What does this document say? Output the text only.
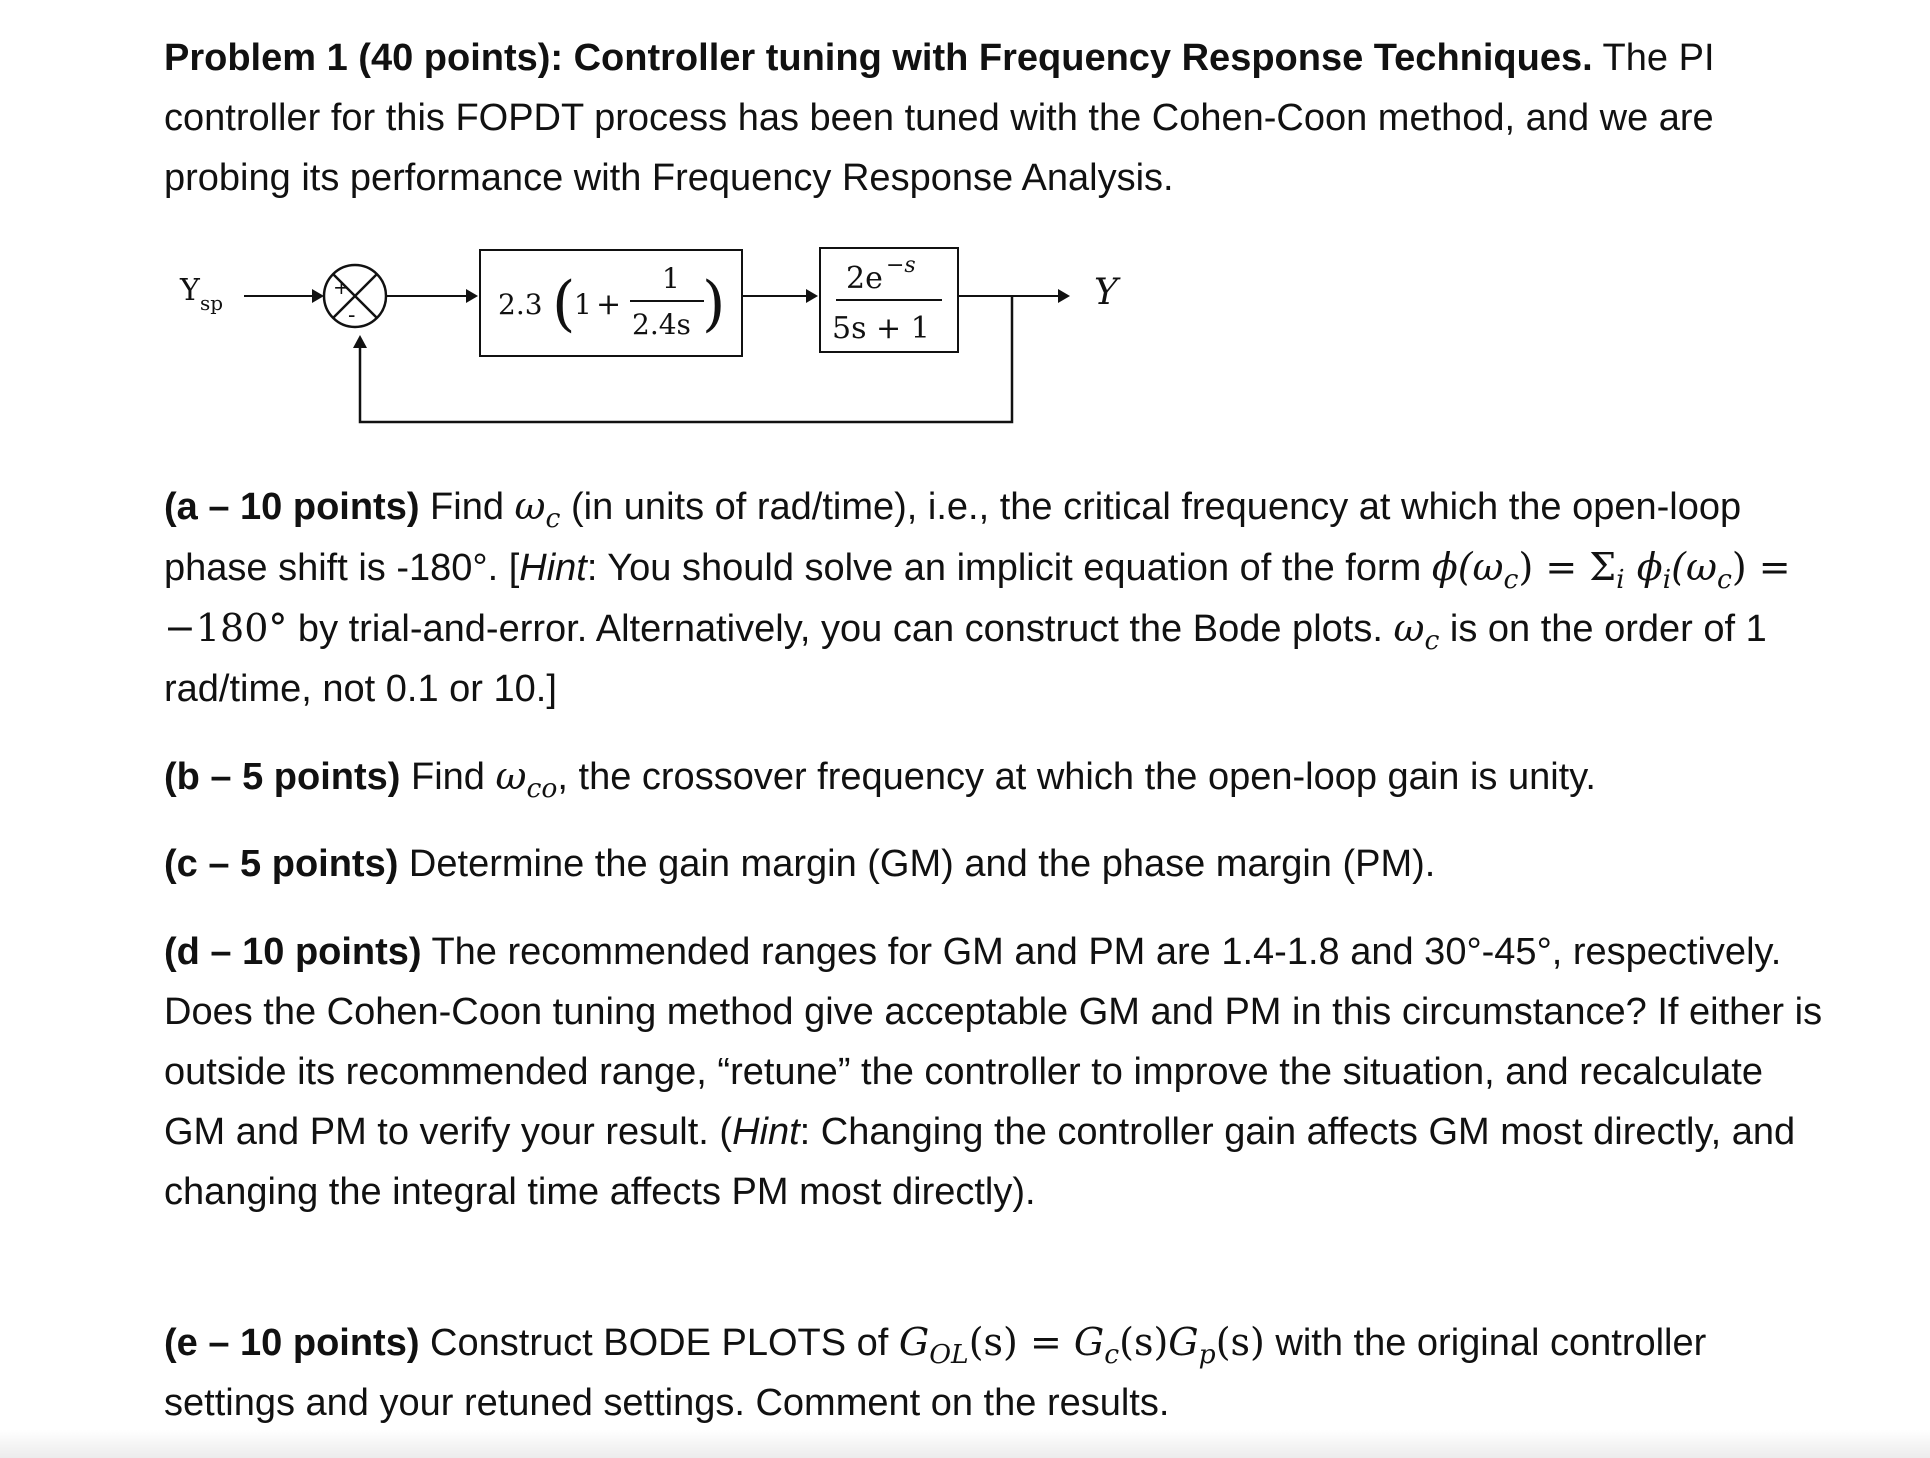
Problem 1 (40 points): Controller tuning with Frequency Response Techniques. The PI controller for this FOPDT process has been tuned with the Cohen-Coon method, and we are probing its performance with Frequency Response Analysis.

Y sp
+
-	2.3 (
1 +
1
2.4s )	2e −s
5s + 1
Y

(a – 10 points) Find $\omega_c$ (in units of rad/time), i.e., the critical frequency at which the open-loop phase shift is -180°. [Hint: You should solve an implicit equation of the form $\phi(\omega_c) = \Sigma_i$ $\phi_i(\omega_c) = -180^\circ$ by trial-and-error. Alternatively, you can construct the Bode plots. $\omega_c$ is on the order of 1 rad/time, not 0.1 or 10.]

(b – 5 points) Find $\omega_{co}$, the crossover frequency at which the open-loop gain is unity.

(c – 5 points) Determine the gain margin (GM) and the phase margin (PM).

(d – 10 points) The recommended ranges for GM and PM are 1.4-1.8 and 30°-45°, respectively. Does the Cohen-Coon tuning method give acceptable GM and PM in this circumstance? If either is outside its recommended range, “retune” the controller to improve the situation, and recalculate GM and PM to verify your result. (Hint: Changing the controller gain affects GM most directly, and changing the integral time affects PM most directly).

(e – 10 points) Construct BODE PLOTS of $G_{OL}(s) = G_c(s)G_p(s)$ with the original controller settings and your retuned settings. Comment on the results.
